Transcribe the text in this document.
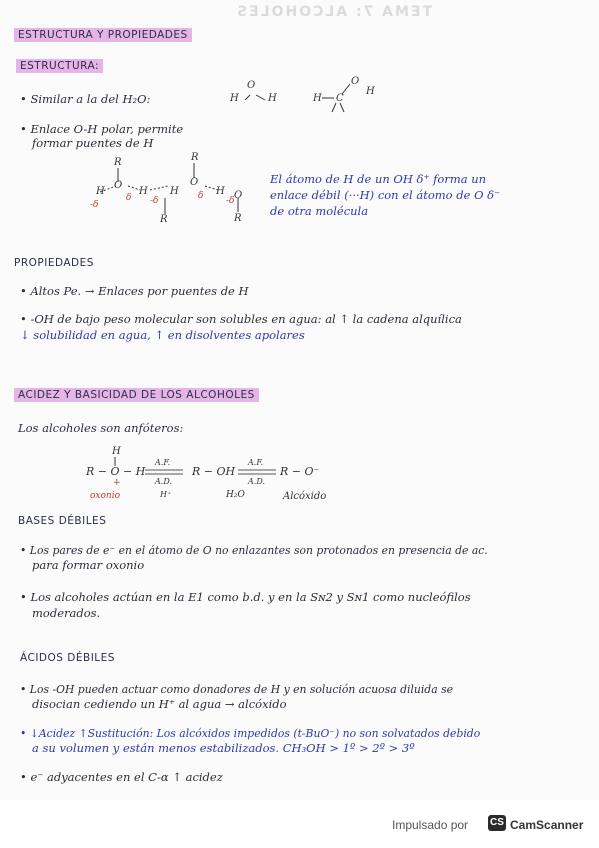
TEMA 7: ALCOHOLES
ESTRUCTURA Y PROPIEDADES
ESTRUCTURA:
• Similar a la del H₂O:	H
O
H	H C
O
H
• Enlace O-H polar, permite
formar puentes de H
R	R
H
O
H H
O
H O
R	R
-δ
δ -δ	δ	-δ
El átomo de H de un OH δ⁺ forma un
enlace débil (···H) con el átomo de O δ⁻
de otra molécula
PROPIEDADES
• Altos Pe. → Enlaces por puentes de H
• -OH de bajo peso molecular son solubles en agua: al ↑ la cadena alquílica
↓ solubilidad en agua, ↑ en disolventes apolares
ACIDEZ Y BASICIDAD DE LOS ALCOHOLES
Los alcoholes son anfóteros:
H
R − O − H
+
A.F.
A.D.
R − OH
A.F.
A.D.
R − O⁻
oxonio	H⁺	H₂O	Alcóxido
BASES DÉBILES
• Los pares de e⁻ en el átomo de O no enlazantes son protonados en presencia de ac.
para formar oxonio
• Los alcoholes actúan en la E1 como b.d. y en la Sɴ2 y Sɴ1 como nucleófilos
moderados.
ÁCIDOS DÉBILES
• Los -OH pueden actuar como donadores de H y en solución acuosa diluida se
disocian cediendo un H⁺ al agua → alcóxido
• ↓Acidez ↑Sustitución: Los alcóxidos impedidos (t-BuO⁻) no son solvatados debido
a su volumen y están menos estabilizados. CH₃OH > 1º > 2º > 3º
• e⁻ adyacentes en el C-α ↑ acidez
Impulsado por CS CamScanner
